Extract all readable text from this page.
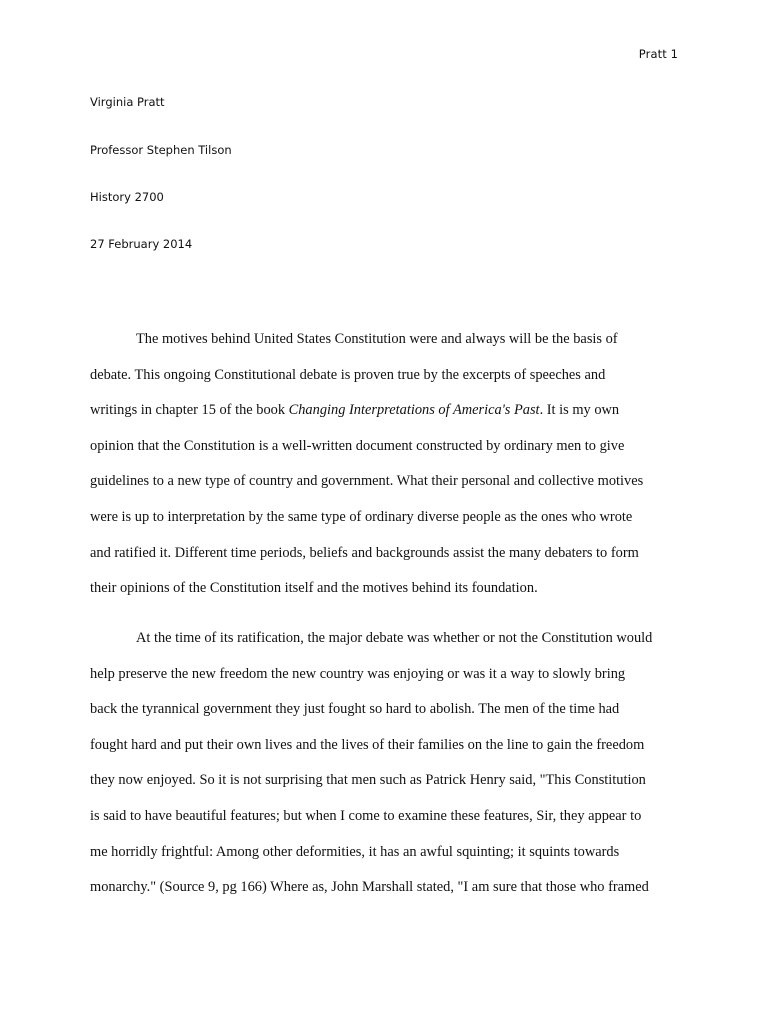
Pratt 1
Virginia Pratt
Professor Stephen Tilson
History 2700
27 February 2014
The motives behind United States Constitution were and always will be the basis of
debate. This ongoing Constitutional debate is proven true by the excerpts of speeches and
writings in chapter 15 of the book Changing Interpretations of America's Past. It is my own
opinion that the Constitution is a well-written document constructed by ordinary men to give
guidelines to a new type of country and government. What their personal and collective motives
were is up to interpretation by the same type of ordinary diverse people as the ones who wrote
and ratified it. Different time periods, beliefs and backgrounds assist the many debaters to form
their opinions of the Constitution itself and the motives behind its foundation.
At the time of its ratification, the major debate was whether or not the Constitution would
help preserve the new freedom the new country was enjoying or was it a way to slowly bring
back the tyrannical government they just fought so hard to abolish. The men of the time had
fought hard and put their own lives and the lives of their families on the line to gain the freedom
they now enjoyed. So it is not surprising that men such as Patrick Henry said, "This Constitution
is said to have beautiful features; but when I come to examine these features, Sir, they appear to
me horridly frightful: Among other deformities, it has an awful squinting; it squints towards
monarchy." (Source 9, pg 166) Where as, John Marshall stated, "I am sure that those who framed
